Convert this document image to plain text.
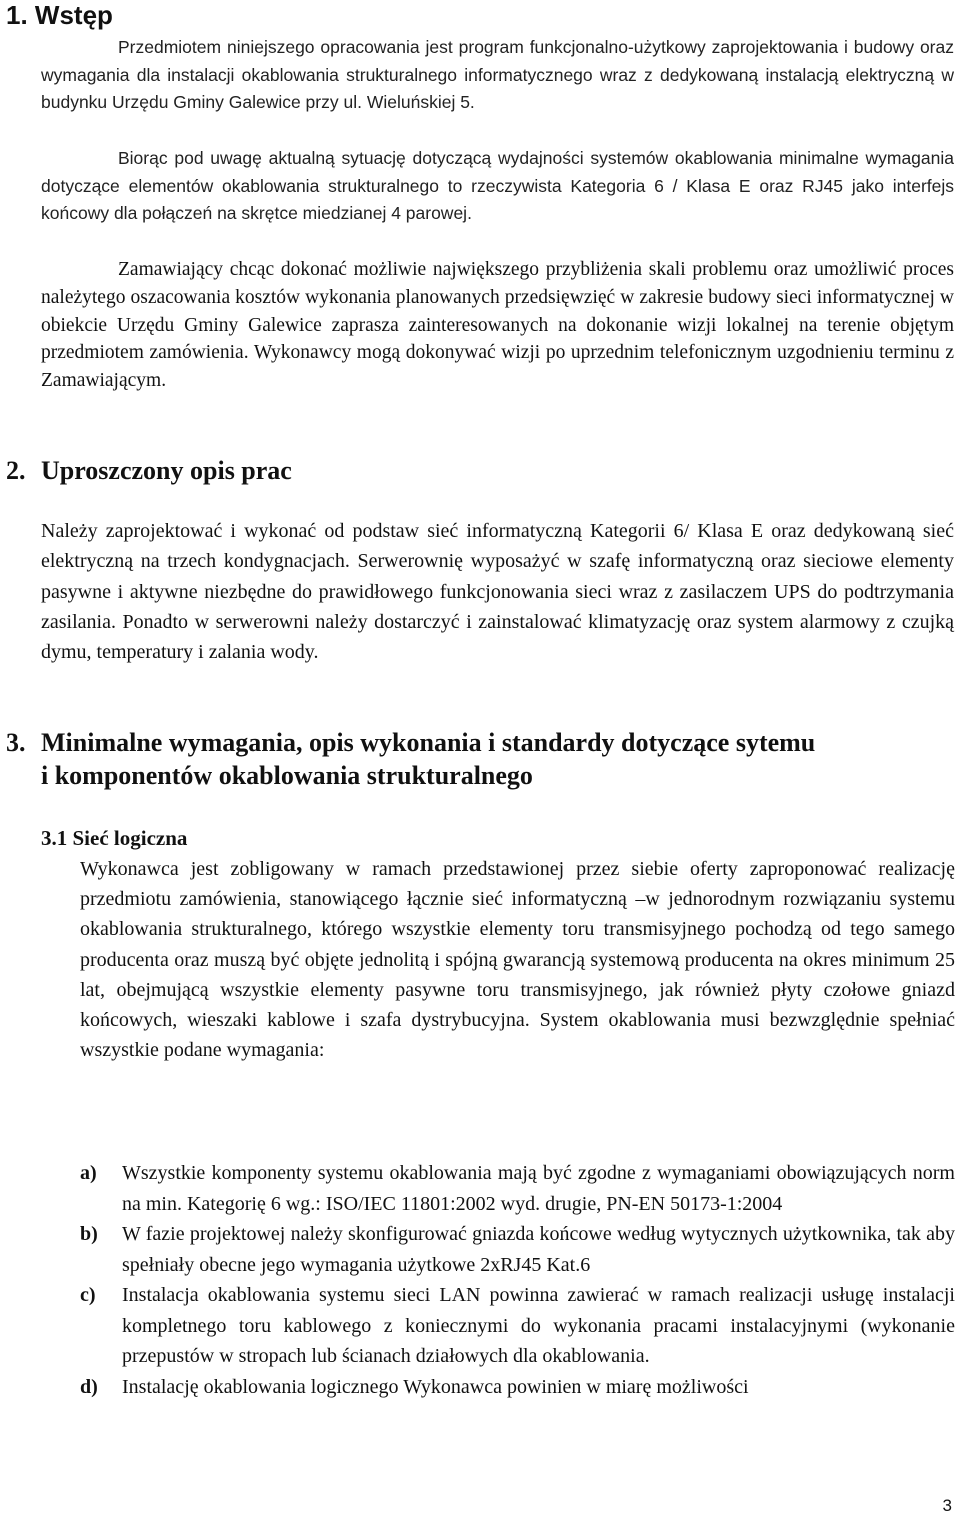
1. Wstęp

Przedmiotem niniejszego opracowania jest program funkcjonalno-użytkowy zaprojektowania i budowy oraz wymagania dla instalacji okablowania strukturalnego informatycznego wraz z dedykowaną instalacją elektryczną w budynku Urzędu Gminy Galewice przy ul. Wieluńskiej 5.

Biorąc pod uwagę aktualną sytuację dotyczącą wydajności systemów okablowania minimalne wymagania dotyczące elementów okablowania strukturalnego to rzeczywista Kategoria 6 / Klasa E oraz RJ45 jako interfejs końcowy dla połączeń na skrętce miedzianej 4 parowej.

Zamawiający chcąc dokonać możliwie największego przybliżenia skali problemu oraz umożliwić proces należytego oszacowania kosztów wykonania planowanych przedsięwzięć w zakresie budowy sieci informatycznej w obiekcie Urzędu Gminy Galewice zaprasza zainteresowanych na dokonanie wizji lokalnej na terenie objętym przedmiotem zamówienia. Wykonawcy mogą dokonywać wizji po uprzednim telefonicznym uzgodnieniu terminu z Zamawiającym.

2. Uproszczony opis prac

Należy zaprojektować i wykonać od podstaw sieć informatyczną Kategorii 6/ Klasa E oraz dedykowaną sieć elektryczną na trzech kondygnacjach. Serwerownię wyposażyć w szafę informatyczną oraz sieciowe elementy pasywne i aktywne niezbędne do prawidłowego funkcjonowania sieci wraz z zasilaczem UPS do podtrzymania zasilania. Ponadto w serwerowni należy dostarczyć i zainstalować klimatyzację oraz system alarmowy z czujką dymu, temperatury i zalania wody.

3. Minimalne wymagania, opis wykonania i standardy dotyczące sytemu
i komponentów okablowania strukturalnego
3.1 Sieć logiczna

Wykonawca jest zobligowany w ramach przedstawionej przez siebie oferty zaproponować realizację przedmiotu zamówienia, stanowiącego łącznie sieć informatyczną –w jednorodnym rozwiązaniu systemu okablowania strukturalnego, którego wszystkie elementy toru transmisyjnego pochodzą od tego samego producenta oraz muszą być objęte jednolitą i spójną gwarancją systemową producenta na okres minimum 25 lat, obejmującą wszystkie elementy pasywne toru transmisyjnego, jak również płyty czołowe gniazd końcowych, wieszaki kablowe i szafa dystrybucyjna. System okablowania musi bezwzględnie spełniać wszystkie podane wymagania:

a) Wszystkie komponenty systemu okablowania mają być zgodne z wymaganiami obowiązujących norm na min. Kategorię 6 wg.: ISO/IEC 11801:2002 wyd. drugie, PN-EN 50173-1:2004
b) W fazie projektowej należy skonfigurować gniazda końcowe według wytycznych użytkownika, tak aby spełniały obecne jego wymagania użytkowe 2xRJ45 Kat.6
c) Instalacja okablowania systemu sieci LAN powinna zawierać w ramach realizacji usługę instalacji kompletnego toru kablowego z koniecznymi do wykonania pracami instalacyjnymi (wykonanie przepustów w stropach lub ścianach działowych dla okablowania.
d) Instalację okablowania logicznego Wykonawca powinien w miarę możliwości
3
